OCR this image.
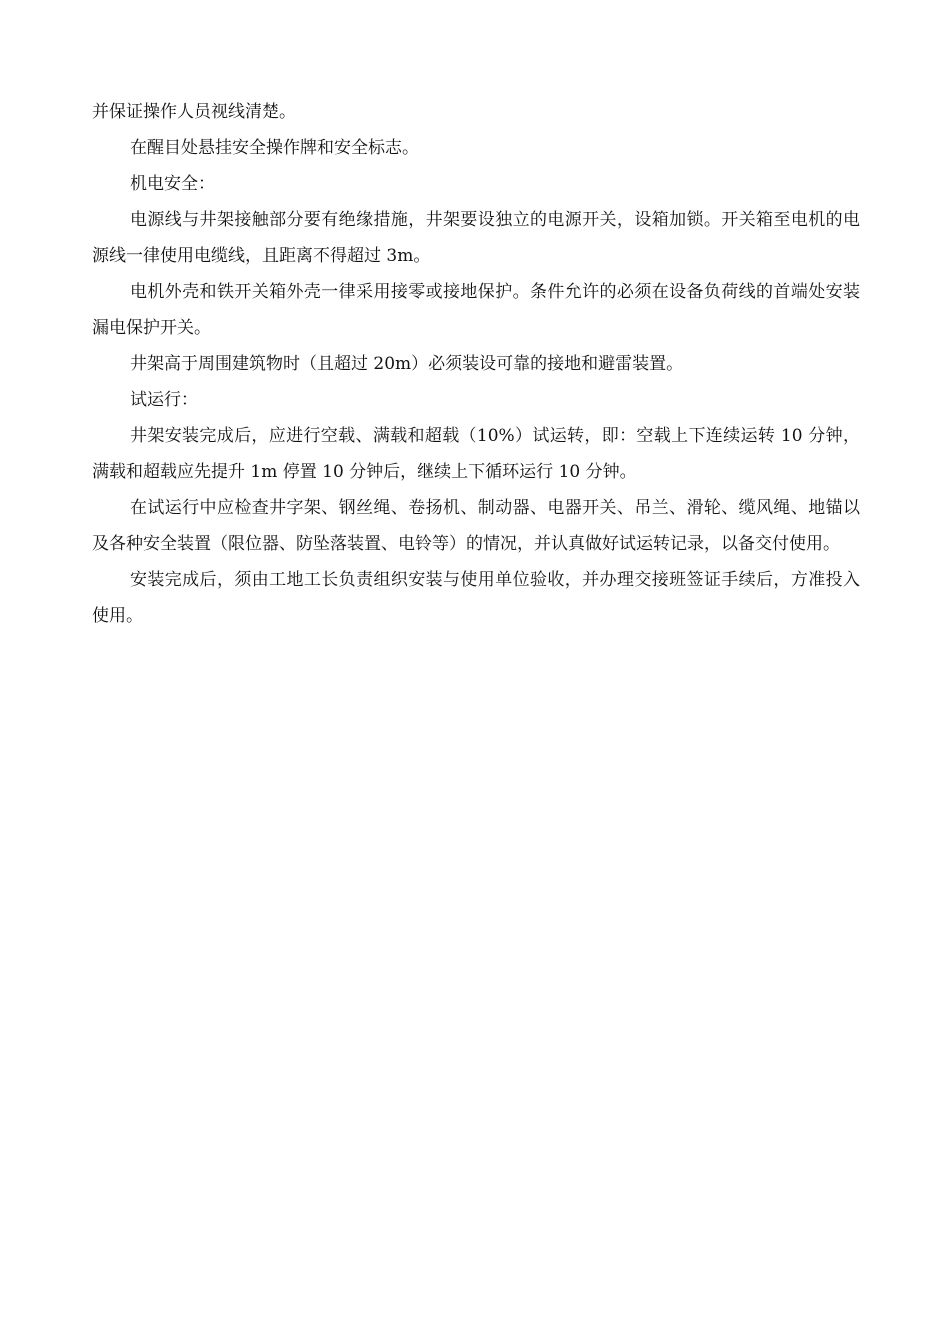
并保证操作人员视线清楚。

在醒目处悬挂安全操作牌和安全标志。

机电安全：

电源线与井架接触部分要有绝缘措施，井架要设独立的电源开关，设箱加锁。开关箱至电机的电源线一律使用电缆线，且距离不得超过 3m。

电机外壳和铁开关箱外壳一律采用接零或接地保护。条件允许的必须在设备负荷线的首端处安装漏电保护开关。

井架高于周围建筑物时（且超过 20m）必须装设可靠的接地和避雷装置。

试运行：

井架安装完成后，应进行空载、满载和超载（10%）试运转，即：空载上下连续运转 10 分钟，满载和超载应先提升 1m 停置 10 分钟后，继续上下循环运行 10 分钟。

在试运行中应检查井字架、钢丝绳、卷扬机、制动器、电器开关、吊兰、滑轮、缆风绳、地锚以及各种安全装置（限位器、防坠落装置、电铃等）的情况，并认真做好试运转记录，以备交付使用。

安装完成后，须由工地工长负责组织安装与使用单位验收，并办理交接班签证手续后，方准投入使用。
